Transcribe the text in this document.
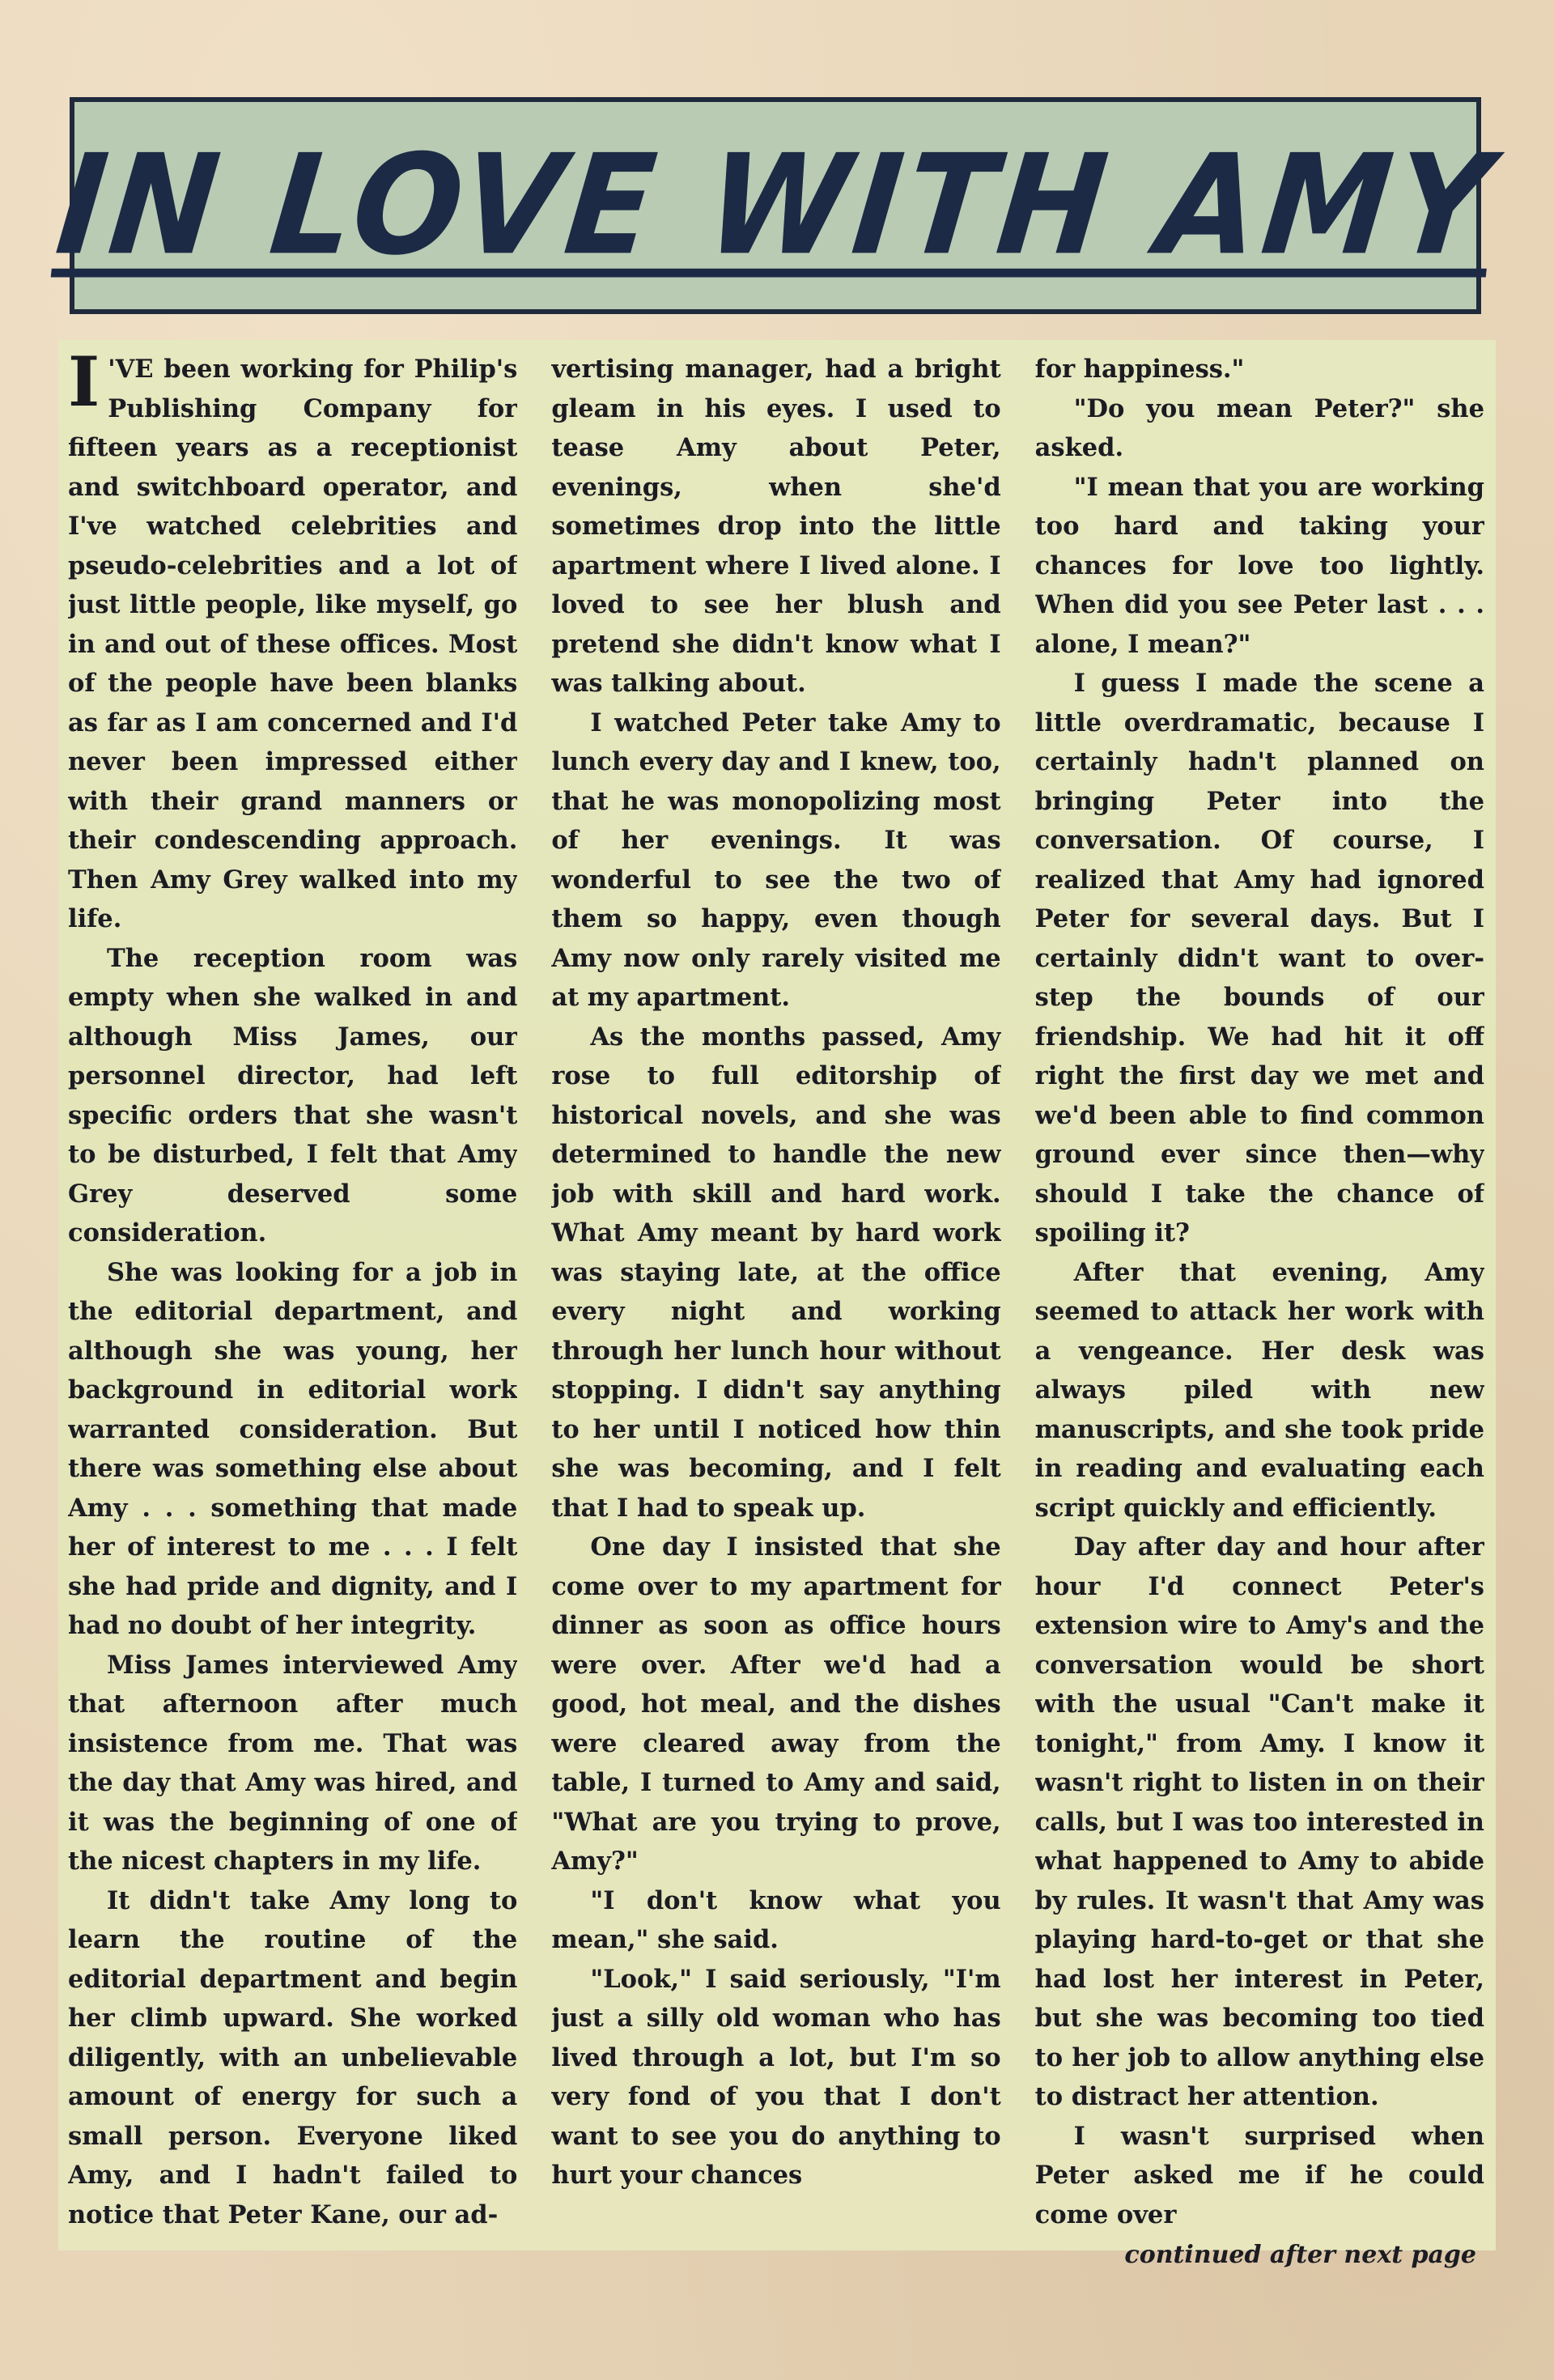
IN LOVE WITH AMY

I 'VE been working for Philip's Publishing Company for fifteen years as a receptionist and switchboard operator, and I've watched celebrities and pseudo-celebrities and a lot of just little people, like myself, go in and out of these offices. Most of the people have been blanks as far as I am concerned and I'd never been impressed either with their grand manners or their condescending approach. Then Amy Grey walked into my life.

The reception room was empty when she walked in and although Miss James, our personnel director, had left specific orders that she wasn't to be disturbed, I felt that Amy Grey deserved some consideration.

She was looking for a job in the editorial department, and although she was young, her background in editorial work warranted consideration. But there was something else about Amy . . . something that made her of interest to me . . . I felt she had pride and dignity, and I had no doubt of her integrity.

Miss James interviewed Amy that afternoon after much insistence from me. That was the day that Amy was hired, and it was the beginning of one of the nicest chapters in my life.

It didn't take Amy long to learn the routine of the editorial department and begin her climb upward. She worked diligently, with an unbelievable amount of energy for such a small person. Everyone liked Amy, and I hadn't failed to notice that Peter Kane, our ad-

vertising manager, had a bright gleam in his eyes. I used to tease Amy about Peter, evenings, when she'd sometimes drop into the little apartment where I lived alone. I loved to see her blush and pretend she didn't know what I was talking about.

I watched Peter take Amy to lunch every day and I knew, too, that he was monopolizing most of her evenings. It was wonderful to see the two of them so happy, even though Amy now only rarely visited me at my apartment.

As the months passed, Amy rose to full editorship of historical novels, and she was determined to handle the new job with skill and hard work. What Amy meant by hard work was staying late, at the office every night and working through her lunch hour without stopping. I didn't say anything to her until I noticed how thin she was becoming, and I felt that I had to speak up.

One day I insisted that she come over to my apartment for dinner as soon as office hours were over. After we'd had a good, hot meal, and the dishes were cleared away from the table, I turned to Amy and said, "What are you trying to prove, Amy?"

"I don't know what you mean," she said.

"Look," I said seriously, "I'm just a silly old woman who has lived through a lot, but I'm so very fond of you that I don't want to see you do anything to hurt your chances

for happiness."

"Do you mean Peter?" she asked.

"I mean that you are working too hard and taking your chances for love too lightly. When did you see Peter last . . . alone, I mean?"

I guess I made the scene a little overdramatic, because I certainly hadn't planned on bringing Peter into the conversation. Of course, I realized that Amy had ignored Peter for several days. But I certainly didn't want to over-step the bounds of our friendship. We had hit it off right the first day we met and we'd been able to find common ground ever since then—why should I take the chance of spoiling it?

After that evening, Amy seemed to attack her work with a vengeance. Her desk was always piled with new manuscripts, and she took pride in reading and evaluating each script quickly and efficiently.

Day after day and hour after hour I'd connect Peter's extension wire to Amy's and the conversation would be short with the usual "Can't make it tonight," from Amy. I know it wasn't right to listen in on their calls, but I was too interested in what happened to Amy to abide by rules. It wasn't that Amy was playing hard-to-get or that she had lost her interest in Peter, but she was becoming too tied to her job to allow anything else to distract her attention.

I wasn't surprised when Peter asked me if he could come over

continued after next page
